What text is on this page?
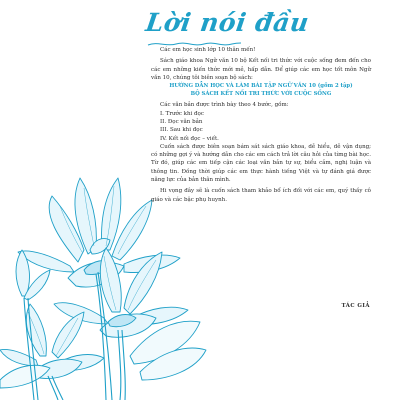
Lời nói đầu

Các em học sinh lớp 10 thân mến!

Sách giáo khoa Ngữ văn 10 bộ Kết nối tri thức với cuộc sống đem đến cho các em những kiến thức mới mẻ, hấp dẫn. Để giúp các em học tốt môn Ngữ văn 10, chúng tôi biên soạn bộ sách:

HƯỚNG DẪN HỌC VÀ LÀM BÀI TẬP NGỮ VĂN 10 (gồm 2 tập)
BỘ SÁCH KẾT NỐI TRI THỨC VỚI CUỘC SỐNG

Các văn bản được trình bày theo 4 bước, gồm:

I. Trước khi đọc

II. Đọc văn bản

III. Sau khi đọc

IV. Kết nối đọc – viết.

Cuốn sách được biên soạn bám sát sách giáo khoa, dễ hiểu, dễ vận dụng; có những gợi ý và hướng dẫn cho các em cách trả lời câu hỏi của từng bài học. Từ đó, giúp các em tiếp cận các loại văn bản tự sự, biểu cảm, nghị luận và thông tin. Đồng thời giúp các em thực hành tiếng Việt và tự đánh giá được năng lực của bản thân mình.

Hi vọng đây sẽ là cuốn sách tham khảo bổ ích đối với các em, quý thầy cô giáo và các bậc phụ huynh.

TÁC GIẢ
